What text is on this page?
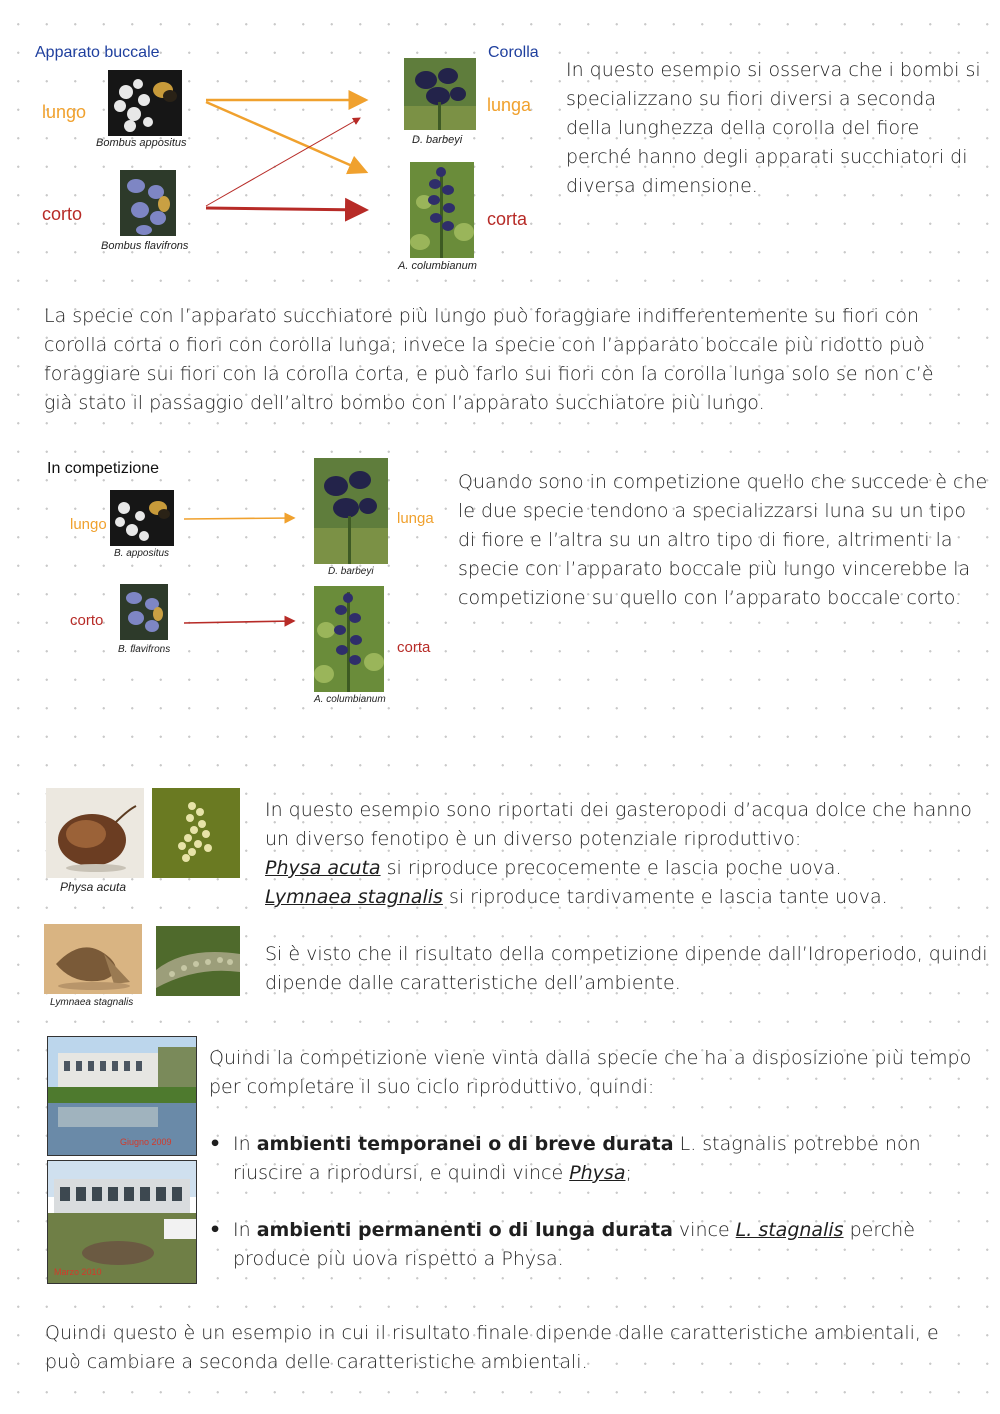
Apparato buccale	Corolla
lungo
corto
lunga
corta
Bombus appositus
Bombus flavifrons
D. barbeyi
A. columbianum

In questo esempio si osserva che i bombi si specializzano su fiori diversi a seconda della lunghezza della corolla del fiore perché hanno degli apparati succhiatori di diversa dimensione.

La specie con l’apparato succhiatore più lungo può foraggiare indifferentemente su fiori con corolla corta o fiori con corolla lunga; invece la specie con l’apparato boccale più ridotto può foraggiare sui fiori con la corolla corta, e può farlo sui fiori con la corolla lunga solo se non c’è già stato il passaggio dell’altro bombo con l’apparato succhiatore più lungo.

In competizione
lungo
corto
lunga
corta
B. appositus
B. flavifrons
D. barbeyi
A. columbianum

Quando sono in competizione quello che succede è che le due specie tendono a specializzarsi luna su un tipo di fiore e l’altra su un altro tipo di fiore, altrimenti la specie con l’apparato boccale più lungo vincerebbe la competizione su quello con l’apparato boccale corto.

Physa acuta
Lymnaea stagnalis

In questo esempio sono riportati dei gasteropodi d’acqua dolce che hanno un diverso fenotipo è un diverso potenziale riproduttivo:
Physa acuta si riproduce precocemente e lascia poche uova.
Lymnaea stagnalis si riproduce tardivamente e lascia tante uova.

Si è visto che il risultato della competizione dipende dall’Idroperiodo, quindi dipende dalle caratteristiche dell’ambiente.

Giugno 2009
Marzo 2010

Quindi la competizione viene vinta dalla specie che ha a disposizione più tempo per completare il suo ciclo riproduttivo, quindi:

• In ambienti temporanei o di breve durata L. stagnalis potrebbe non riuscire a riprodursi, e quindi vince Physa;
• In ambienti permanenti o di lunga durata vince L. stagnalis perchè produce più uova rispetto a Physa.

Quindi questo è un esempio in cui il risultato finale dipende dalle caratteristiche ambientali, e può cambiare a seconda delle caratteristiche ambientali.
